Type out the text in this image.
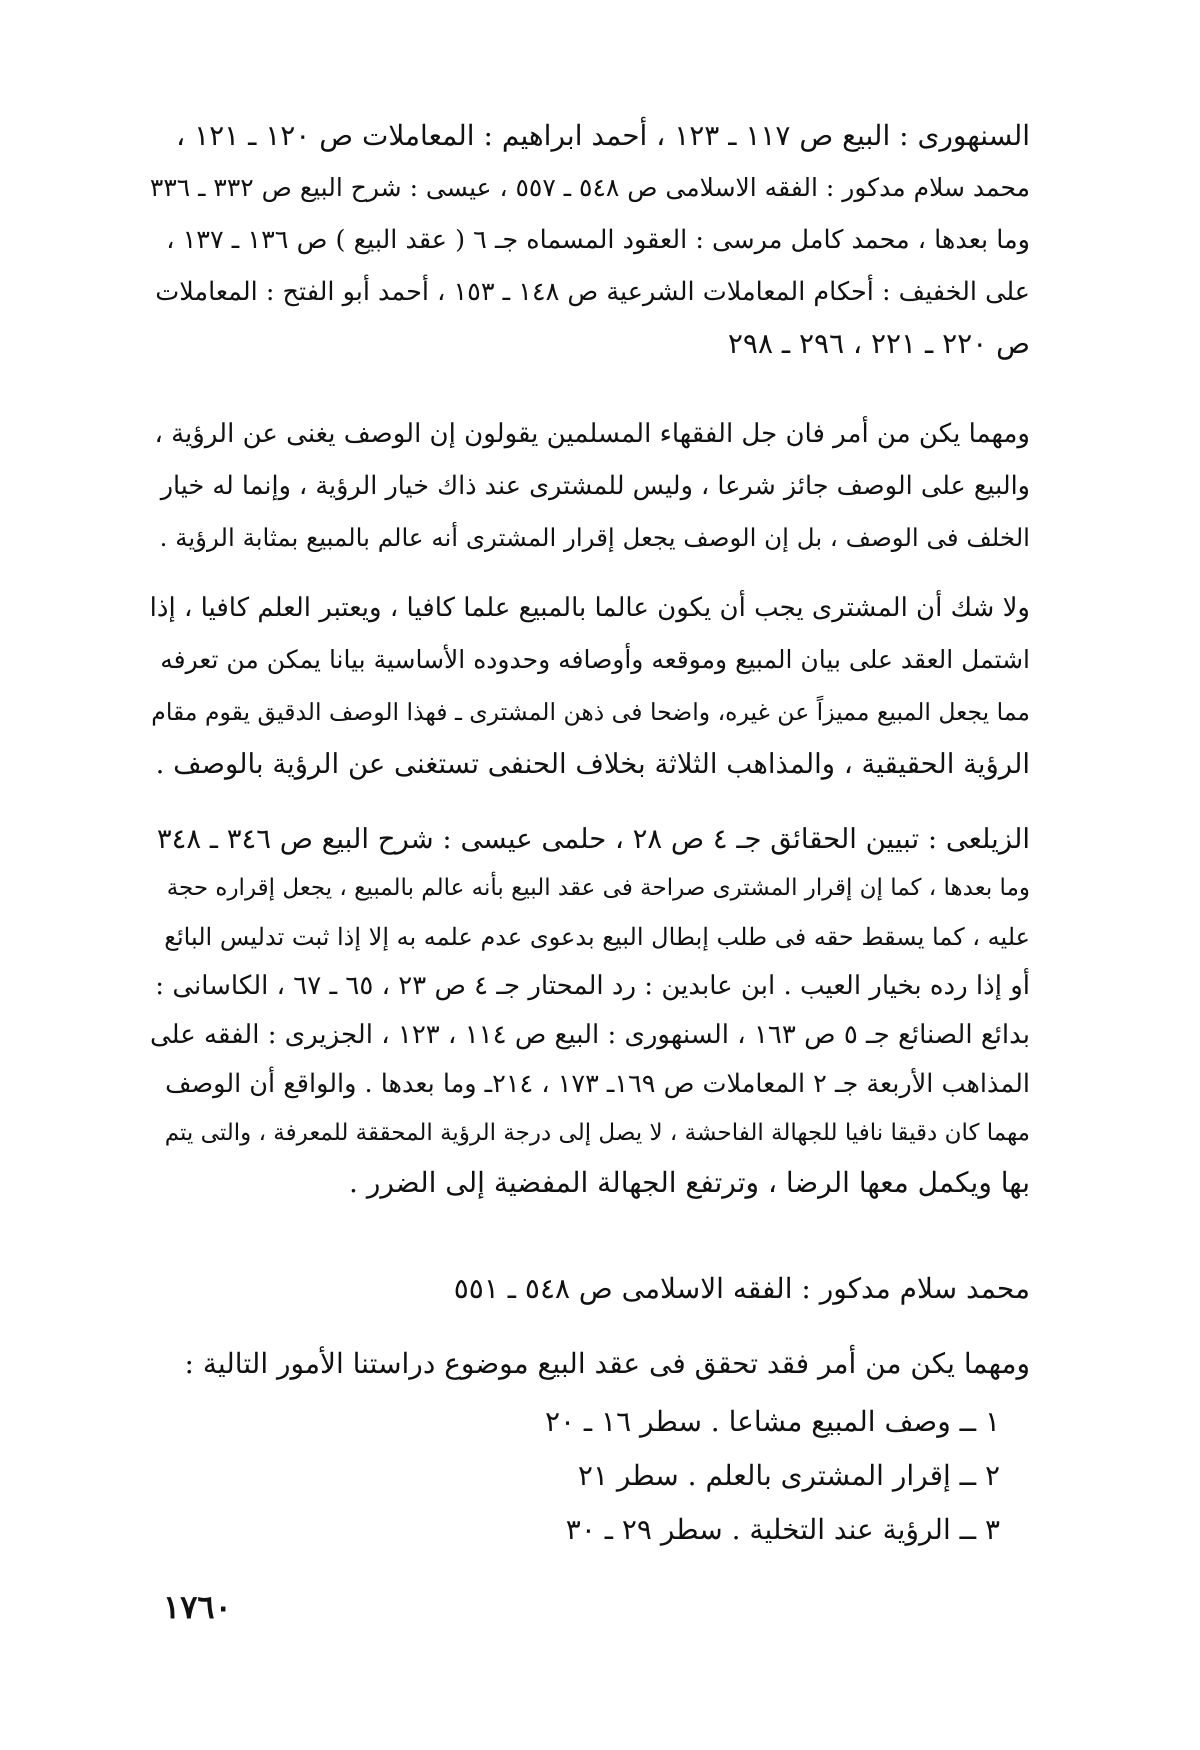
السنهورى : البيع ص ١١٧ ـ ١٢٣ ، أحمد ابراهيم : المعاملات ص ١٢٠ ـ ١٢١ ،
محمد سلام مدكور : الفقه الاسلامى ص ٥٤٨ ـ ٥٥٧ ، عيسى : شرح البيع ص ٣٣٢ ـ ٣٣٦
وما بعدها ، محمد كامل مرسى : العقود المسماه جـ ٦ ( عقد البيع ) ص ١٣٦ ـ ١٣٧ ،
على الخفيف : أحكام المعاملات الشرعية ص ١٤٨ ـ ١٥٣ ، أحمد أبو الفتح : المعاملات
ص ٢٢٠ ـ ٢٢١ ، ٢٩٦ ـ ٢٩٨
ومهما يكن من أمر فان جل الفقهاء المسلمين يقولون إن الوصف يغنى عن الرؤية ،
والبيع على الوصف جائز شرعا ، وليس للمشترى عند ذاك خيار الرؤية ، وإنما له خيار
الخلف فى الوصف ، بل إن الوصف يجعل إقرار المشترى أنه عالم بالمبيع بمثابة الرؤية .
ولا شك أن المشترى يجب أن يكون عالما بالمبيع علما كافيا ، ويعتبر العلم كافيا ، إذا
اشتمل العقد على بيان المبيع وموقعه وأوصافه وحدوده الأساسية بيانا يمكن من تعرفه
مما يجعل المبيع مميزاً عن غيره، واضحا فى ذهن المشترى ـ فهذا الوصف الدقيق يقوم مقام
الرؤية الحقيقية ، والمذاهب الثلاثة بخلاف الحنفى تستغنى عن الرؤية بالوصف .
الزيلعى : تبيين الحقائق جـ ٤ ص ٢٨ ، حلمى عيسى : شرح البيع ص ٣٤٦ ـ ٣٤٨
وما بعدها ، كما إن إقرار المشترى صراحة فى عقد البيع بأنه عالم بالمبيع ، يجعل إقراره حجة
عليه ، كما يسقط حقه فى طلب إبطال البيع بدعوى عدم علمه به إلا إذا ثبت تدليس البائع
أو إذا رده بخيار العيب . ابن عابدين : رد المحتار جـ ٤ ص ٢٣ ، ٦٥ ـ ٦٧ ، الكاسانى :
بدائع الصنائع جـ ٥ ص ١٦٣ ، السنهورى : البيع ص ١١٤ ، ١٢٣ ، الجزيرى : الفقه على
المذاهب الأربعة جـ ٢ المعاملات ص ١٦٩ـ ١٧٣ ، ٢١٤ـ وما بعدها . والواقع أن الوصف
مهما كان دقيقا نافيا للجهالة الفاحشة ، لا يصل إلى درجة الرؤية المحققة للمعرفة ، والتى يتم
بها ويكمل معها الرضا ، وترتفع الجهالة المفضية إلى الضرر .
محمد سلام مدكور : الفقه الاسلامى ص ٥٤٨ ـ ٥٥١
ومهما يكن من أمر فقد تحقق فى عقد البيع موضوع دراستنا الأمور التالية :
١ ــ وصف المبيع مشاعا . سطر ١٦ ـ ٢٠
٢ ــ إقرار المشترى بالعلم . سطر ٢١
٣ ــ الرؤية عند التخلية . سطر ٢٩ ـ ٣٠
١٧٦٠
